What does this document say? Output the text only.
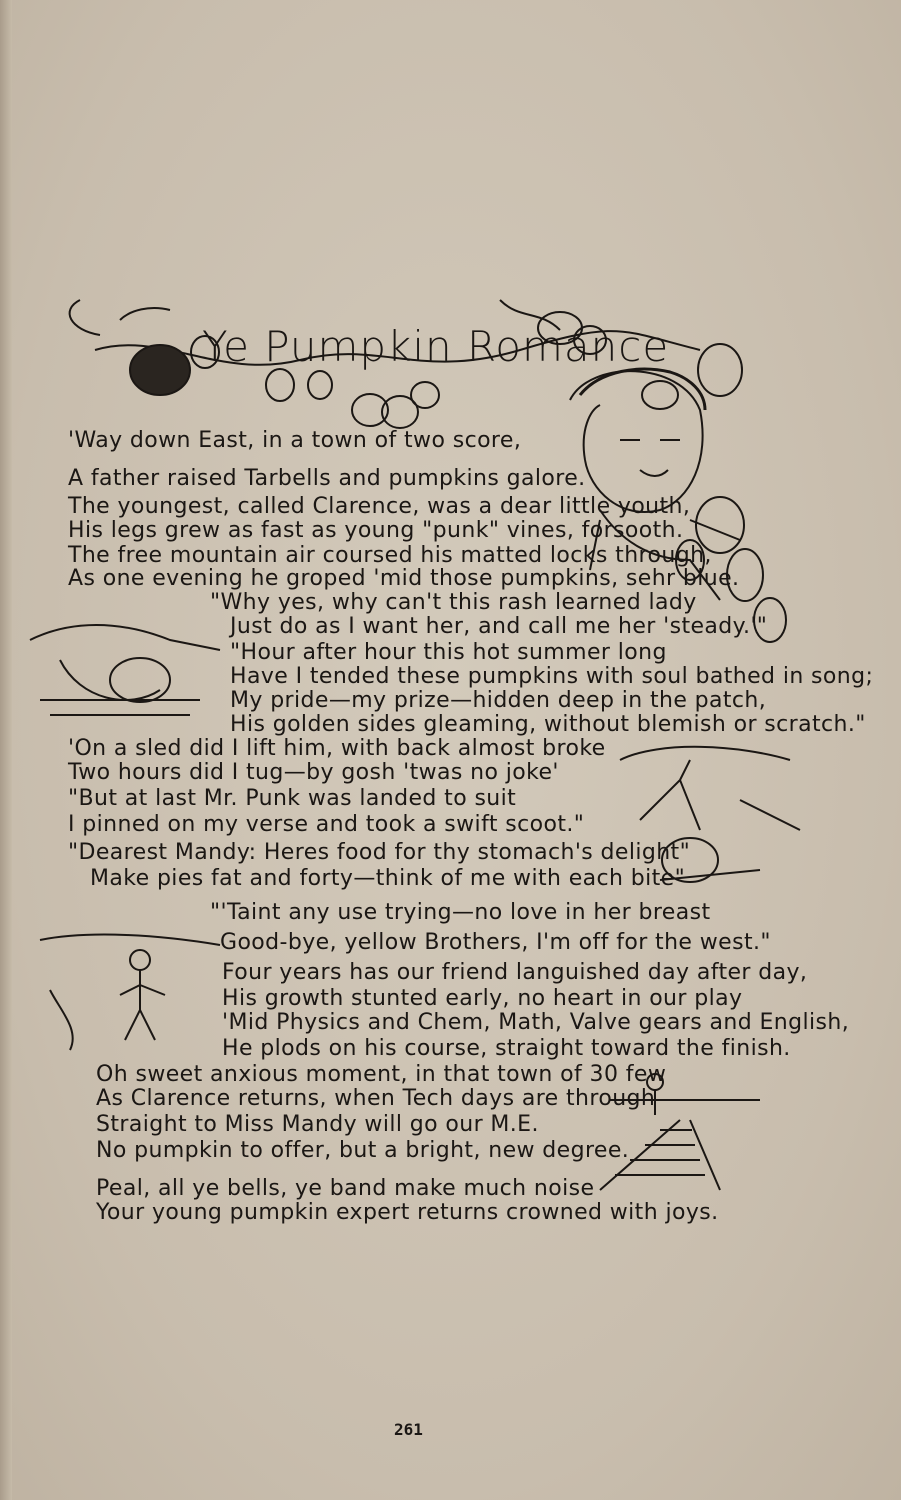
Ye Pumpkin Romance
'Way down East, in a town of two score,
A father raised Tarbells and pumpkins galore.
The youngest, called Clarence, was a dear little youth,
His legs grew as fast as young "punk" vines, forsooth.
The free mountain air coursed his matted locks through,
As one evening he groped 'mid those pumpkins, sehr blue.
"Why yes, why can't this rash learned lady
Just do as I want her, and call me her 'steady.'"
"Hour after hour this hot summer long
Have I tended these pumpkins with soul bathed in song;
My pride—my prize—hidden deep in the patch,
His golden sides gleaming, without blemish or scratch."
'On a sled did I lift him, with back almost broke
Two hours did I tug—by gosh 'twas no joke'
"But at last Mr. Punk was landed to suit
I pinned on my verse and took a swift scoot."
"Dearest Mandy: Heres food for thy stomach's delight"
Make pies fat and forty—think of me with each bite"
"'Taint any use trying—no love in her breast
Good-bye, yellow Brothers, I'm off for the west."
Four years has our friend languished day after day,
His growth stunted early, no heart in our play
'Mid Physics and Chem, Math, Valve gears and English,
He plods on his course, straight toward the finish.
Oh sweet anxious moment, in that town of 30 few
As Clarence returns, when Tech days are through
Straight to Miss Mandy will go our M.E.
No pumpkin to offer, but a bright, new degree.
Peal, all ye bells, ye band make much noise
Your young pumpkin expert returns crowned with joys.
261
